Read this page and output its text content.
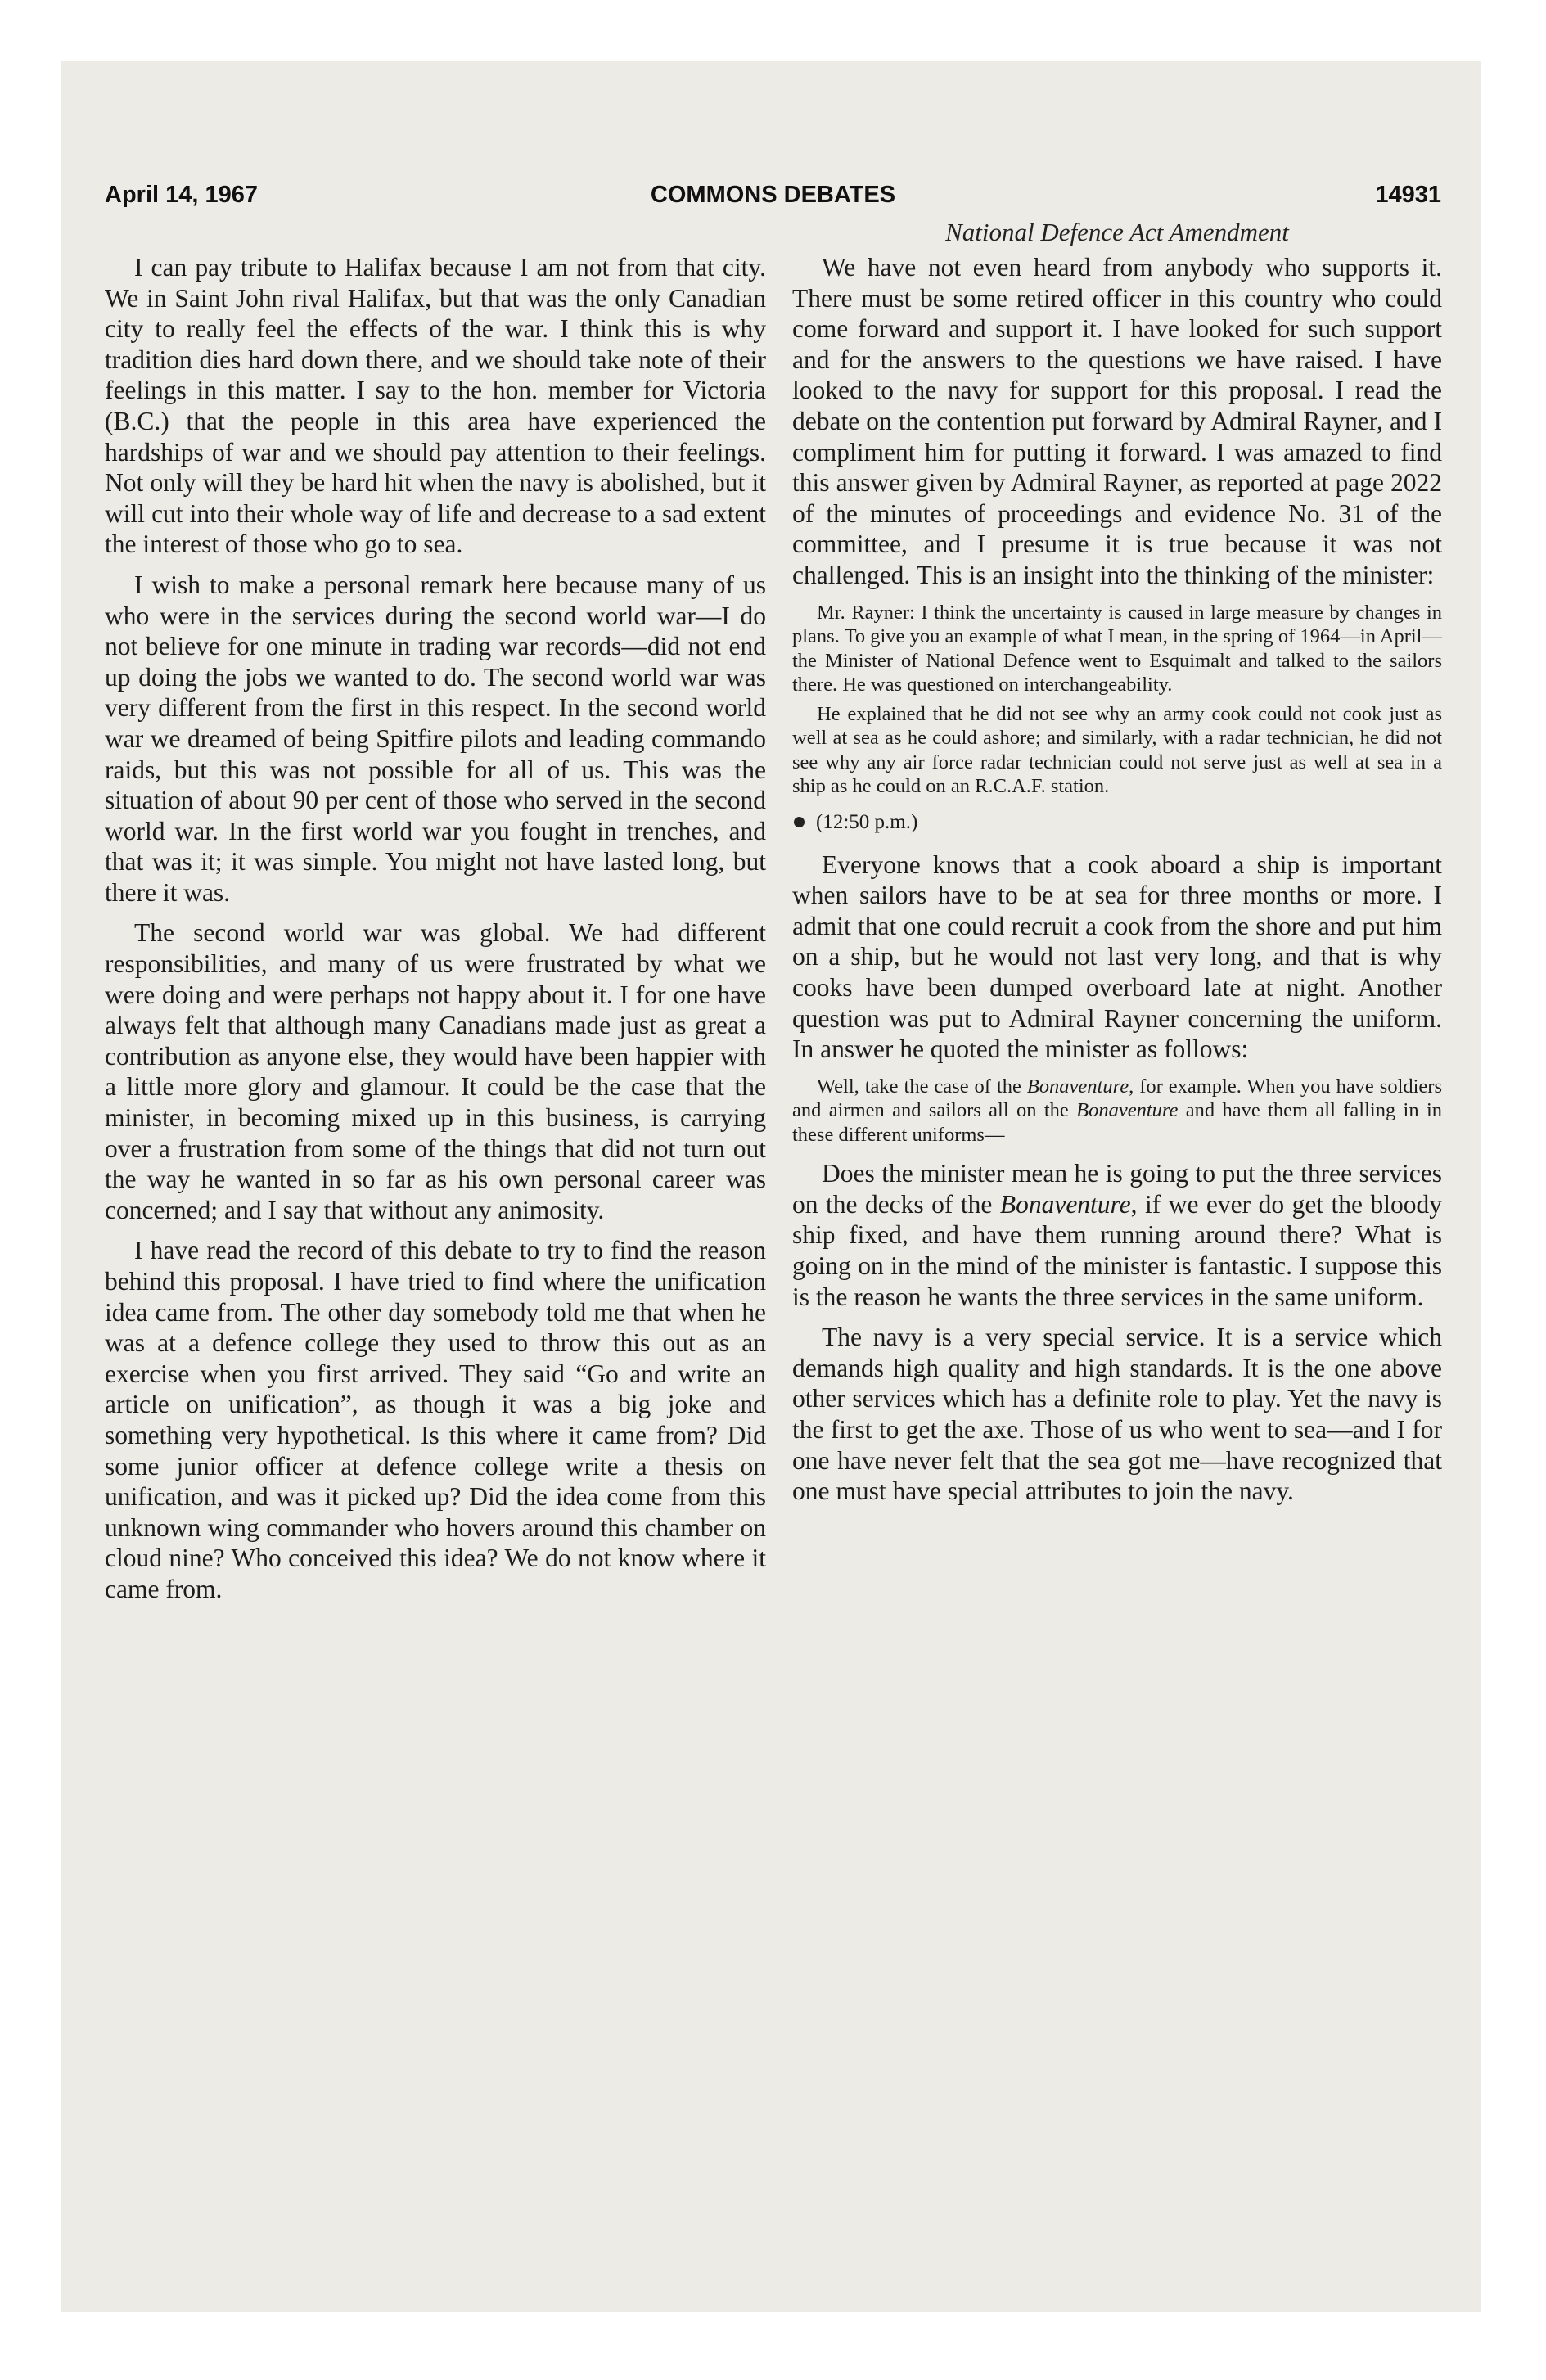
April 14, 1967	COMMONS DEBATES	14931
National Defence Act Amendment

I can pay tribute to Halifax because I am not from that city. We in Saint John rival Halifax, but that was the only Canadian city to really feel the effects of the war. I think this is why tradition dies hard down there, and we should take note of their feelings in this matter. I say to the hon. member for Victoria (B.C.) that the people in this area have experienced the hardships of war and we should pay attention to their feelings. Not only will they be hard hit when the navy is abolished, but it will cut into their whole way of life and decrease to a sad extent the interest of those who go to sea.

I wish to make a personal remark here because many of us who were in the services during the second world war—I do not believe for one minute in trading war records—did not end up doing the jobs we wanted to do. The second world war was very different from the first in this respect. In the second world war we dreamed of being Spitfire pilots and leading commando raids, but this was not possible for all of us. This was the situation of about 90 per cent of those who served in the second world war. In the first world war you fought in trenches, and that was it; it was simple. You might not have lasted long, but there it was.

The second world war was global. We had different responsibilities, and many of us were frustrated by what we were doing and were perhaps not happy about it. I for one have always felt that although many Canadians made just as great a contribution as anyone else, they would have been happier with a little more glory and glamour. It could be the case that the minister, in becoming mixed up in this business, is carrying over a frustration from some of the things that did not turn out the way he wanted in so far as his own personal career was concerned; and I say that without any animosity.

I have read the record of this debate to try to find the reason behind this proposal. I have tried to find where the unification idea came from. The other day somebody told me that when he was at a defence college they used to throw this out as an exercise when you first arrived. They said “Go and write an article on unification”, as though it was a big joke and something very hypothetical. Is this where it came from? Did some junior officer at defence college write a thesis on unification, and was it picked up? Did the idea come from this unknown wing commander who hovers around this chamber on cloud nine? Who conceived this idea? We do not know where it came from.

We have not even heard from anybody who supports it. There must be some retired officer in this country who could come forward and support it. I have looked for such support and for the answers to the questions we have raised. I have looked to the navy for support for this proposal. I read the debate on the contention put forward by Admiral Rayner, and I compliment him for putting it forward. I was amazed to find this answer given by Admiral Rayner, as reported at page 2022 of the minutes of proceedings and evidence No. 31 of the committee, and I presume it is true because it was not challenged. This is an insight into the thinking of the minister:

Mr. Rayner: I think the uncertainty is caused in large measure by changes in plans. To give you an example of what I mean, in the spring of 1964—in April—the Minister of National Defence went to Esquimalt and talked to the sailors there. He was questioned on interchangeability.

He explained that he did not see why an army cook could not cook just as well at sea as he could ashore; and similarly, with a radar technician, he did not see why any air force radar technician could not serve just as well at sea in a ship as he could on an R.C.A.F. station.

(12:50 p.m.)

Everyone knows that a cook aboard a ship is important when sailors have to be at sea for three months or more. I admit that one could recruit a cook from the shore and put him on a ship, but he would not last very long, and that is why cooks have been dumped overboard late at night. Another question was put to Admiral Rayner concerning the uniform. In answer he quoted the minister as follows:

Well, take the case of the Bonaventure, for example. When you have soldiers and airmen and sailors all on the Bonaventure and have them all falling in in these different uniforms—

Does the minister mean he is going to put the three services on the decks of the Bonaventure, if we ever do get the bloody ship fixed, and have them running around there? What is going on in the mind of the minister is fantastic. I suppose this is the reason he wants the three services in the same uniform.

The navy is a very special service. It is a service which demands high quality and high standards. It is the one above other services which has a definite role to play. Yet the navy is the first to get the axe. Those of us who went to sea—and I for one have never felt that the sea got me—have recognized that one must have special attributes to join the navy.
